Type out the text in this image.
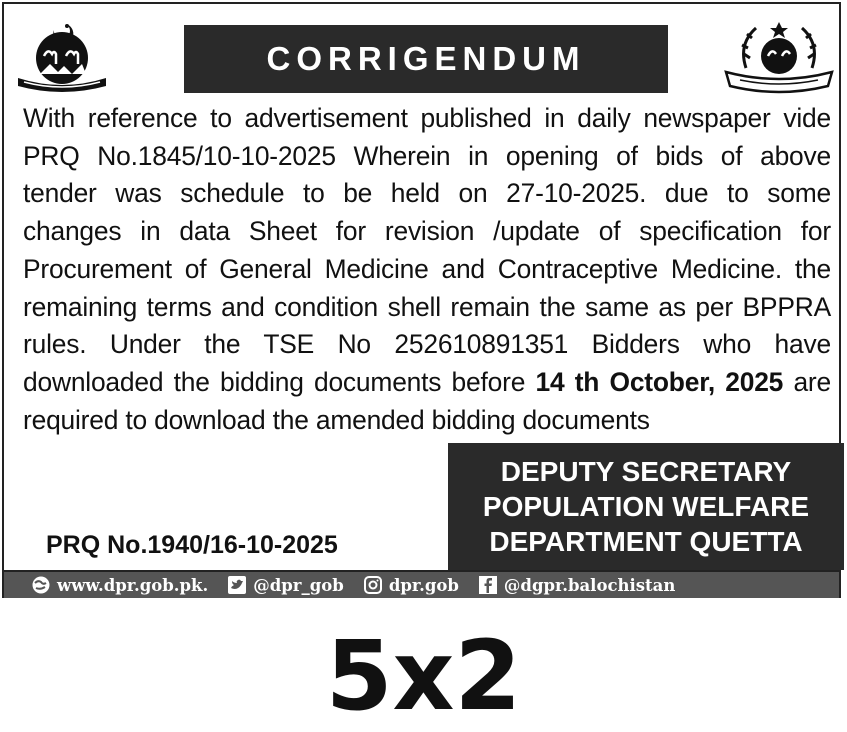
CORRIGENDUM
With reference to advertisement published in daily newspaper vide
PRQ No.1845/10-10-2025 Wherein in opening of bids of above
tender was schedule to be held on 27-10-2025. due to some
changes in data Sheet for revision /update of specification for
Procurement of General Medicine and Contraceptive Medicine. the
remaining terms and condition shell remain the same as per BPPRA
rules. Under the TSE No 252610891351 Bidders who have
downloaded the bidding documents before 14 th October, 2025 are
required to download the amended bidding documents
DEPUTY SECRETARY
POPULATION WELFARE
DEPARTMENT QUETTA
PRQ No.1940/16-10-2025
www.dpr.gob.pk.	@dpr_gob	dpr.gob	@dgpr.balochistan
5x2
